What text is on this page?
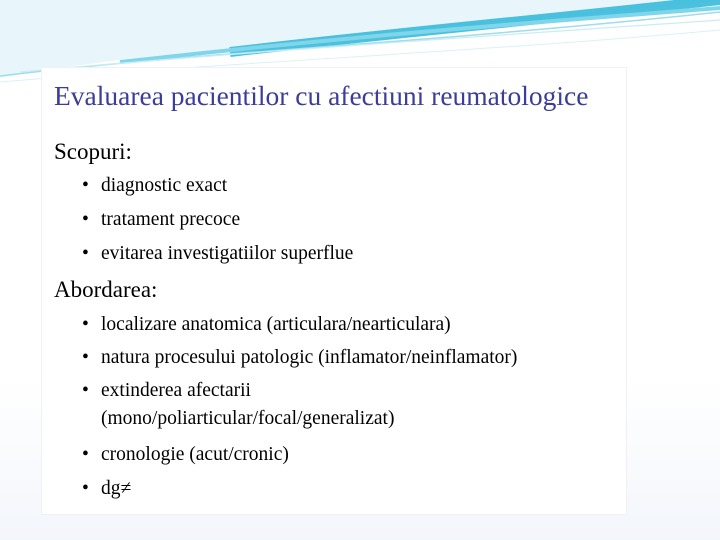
Evaluarea pacientilor cu afectiuni reumatologice
Scopuri:
• diagnostic exact
• tratament precoce
• evitarea investigatiilor superflue
Abordarea:
• localizare anatomica (articulara/nearticulara)
• natura procesului patologic (inflamator/neinflamator)
• extinderea afectarii
(mono/poliarticular/focal/generalizat)
• cronologie (acut/cronic)
• dg≠
